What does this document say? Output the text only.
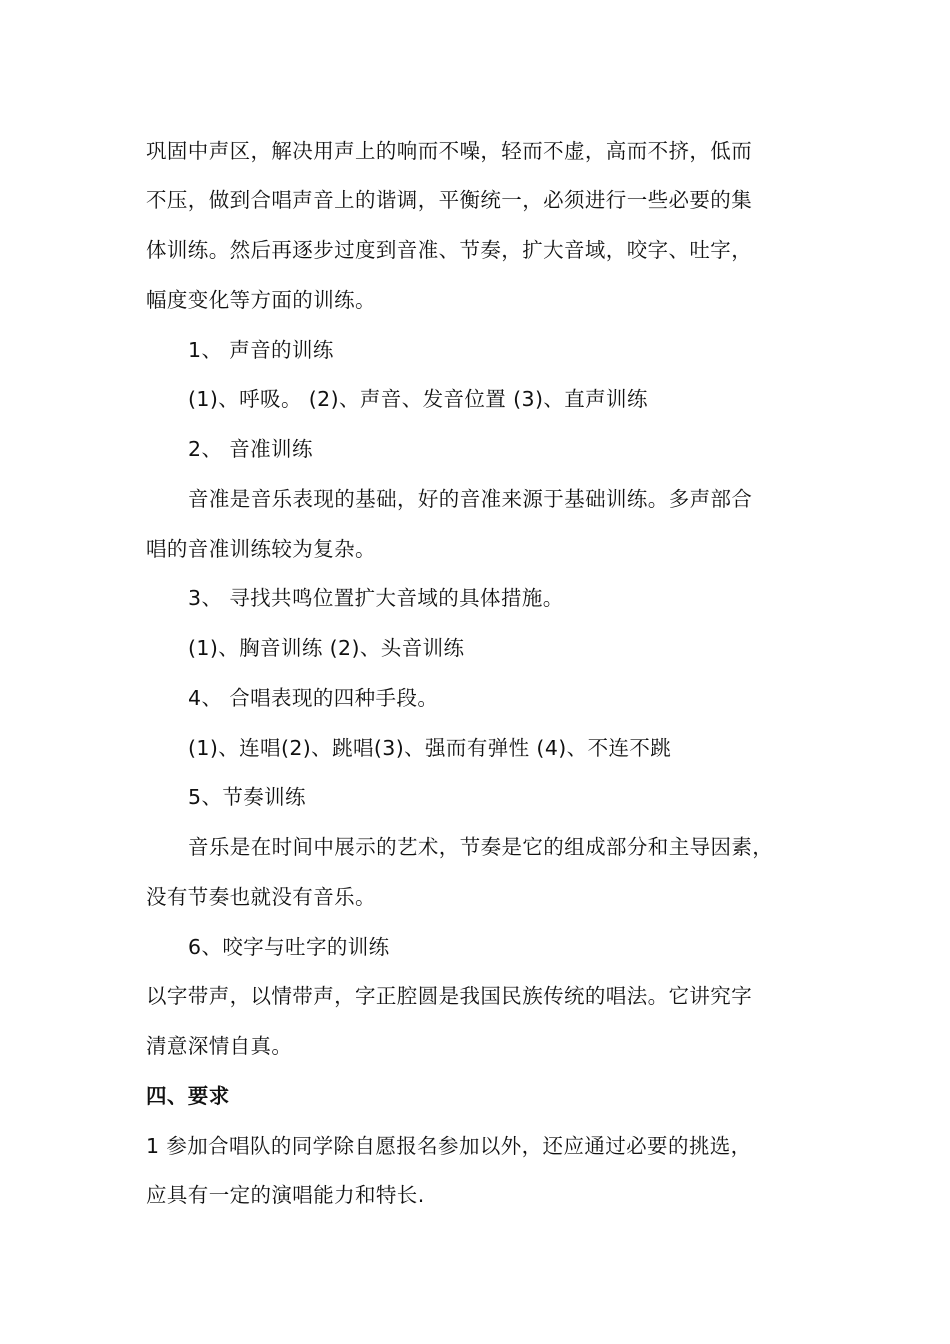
巩固中声区，解决用声上的响而不噪，轻而不虚，高而不挤，低而
不压，做到合唱声音上的谐调，平衡统一，必须进行一些必要的集
体训练。然后再逐步过度到音准、节奏，扩大音域，咬字、吐字，
幅度变化等方面的训练。
1、 声音的训练
(1)、呼吸。 (2)、声音、发音位置 (3)、直声训练
2、 音准训练
音准是音乐表现的基础，好的音准来源于基础训练。多声部合
唱的音准训练较为复杂。
3、 寻找共鸣位置扩大音域的具体措施。
(1)、胸音训练 (2)、头音训练
4、 合唱表现的四种手段。
(1)、连唱(2)、跳唱(3)、强而有弹性 (4)、不连不跳
5、节奏训练
音乐是在时间中展示的艺术，节奏是它的组成部分和主导因素，
没有节奏也就没有音乐。
6、咬字与吐字的训练
以字带声，以情带声，字正腔圆是我国民族传统的唱法。它讲究字
清意深情自真。
四、要求
1 参加合唱队的同学除自愿报名参加以外，还应通过必要的挑选，
应具有一定的演唱能力和特长.
